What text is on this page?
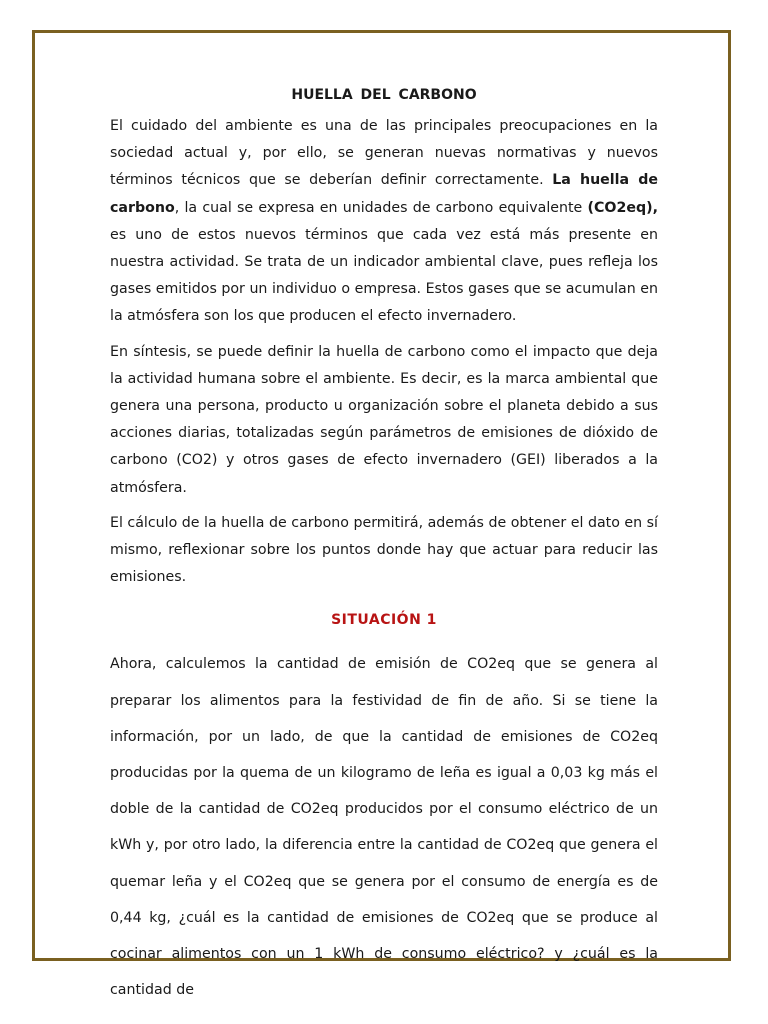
HUELLA DEL CARBONO

El cuidado del ambiente es una de las principales preocupaciones en la sociedad actual y, por ello, se generan nuevas normativas y nuevos términos técnicos que se deberían definir correctamente. La huella de carbono, la cual se expresa en unidades de carbono equivalente (CO2eq), es uno de estos nuevos términos que cada vez está más presente en nuestra actividad. Se trata de un indicador ambiental clave, pues refleja los gases emitidos por un individuo o empresa. Estos gases que se acumulan en la atmósfera son los que producen el efecto invernadero.

En síntesis, se puede definir la huella de carbono como el impacto que deja la actividad humana sobre el ambiente. Es decir, es la marca ambiental que genera una persona, producto u organización sobre el planeta debido a sus acciones diarias, totalizadas según parámetros de emisiones de dióxido de carbono (CO2) y otros gases de efecto invernadero (GEI) liberados a la atmósfera.

El cálculo de la huella de carbono permitirá, además de obtener el dato en sí mismo, reflexionar sobre los puntos donde hay que actuar para reducir las emisiones.

SITUACIÓN 1

Ahora, calculemos la cantidad de emisión de CO2eq que se genera al preparar los alimentos para la festividad de fin de año. Si se tiene la información, por un lado, de que la cantidad de emisiones de CO2eq producidas por la quema de un kilogramo de leña es igual a 0,03 kg más el doble de la cantidad de CO2eq producidos por el consumo eléctrico de un kWh y, por otro lado, la diferencia entre la cantidad de CO2eq que genera el quemar leña y el CO2eq que se genera por el consumo de energía es de 0,44 kg, ¿cuál es la cantidad de emisiones de CO2eq que se produce al cocinar alimentos con un 1 kWh de consumo eléctrico? y ¿cuál es la cantidad de
